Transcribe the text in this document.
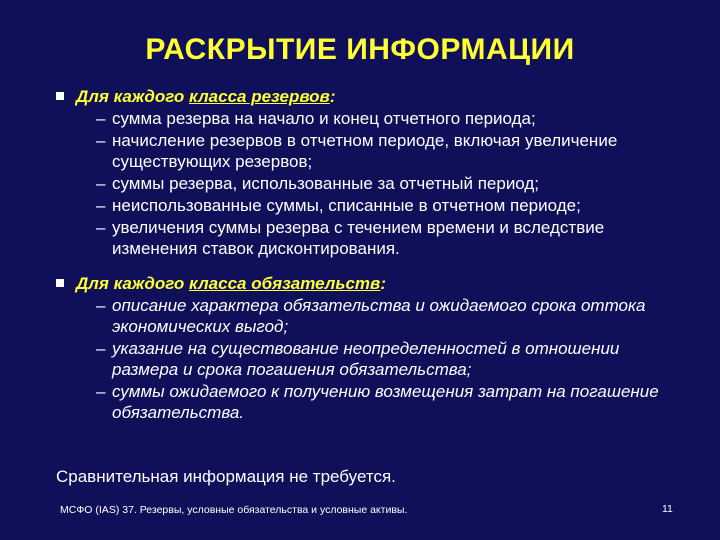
РАСКРЫТИЕ ИНФОРМАЦИИ
Для каждого класса резервов:
– сумма резерва на начало и конец отчетного периода;
– начисление резервов в отчетном периоде, включая увеличение существующих резервов;
– суммы резерва, использованные за отчетный период;
– неиспользованные суммы, списанные в отчетном периоде;
– увеличения суммы резерва с течением времени и вследствие изменения ставок дисконтирования.
Для каждого класса обязательств:
– описание характера обязательства и ожидаемого срока оттока экономических выгод;
– указание на существование неопределенностей в отношении размера и срока погашения обязательства;
– суммы ожидаемого к получению возмещения затрат на погашение обязательства.
Сравнительная информация не требуется.
МСФО (IAS) 37. Резервы, условные обязательства и условные активы.	11
